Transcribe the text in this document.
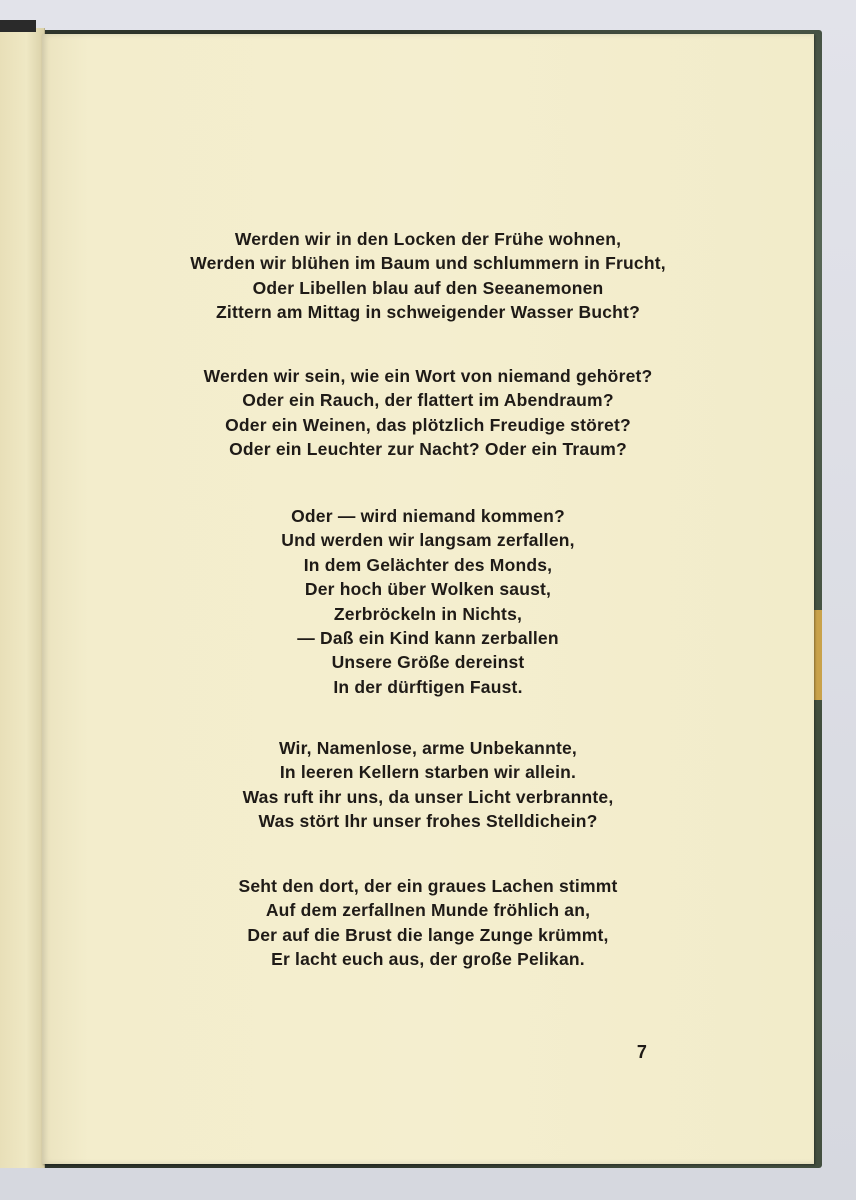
Werden wir in den Locken der Frühe wohnen,
Werden wir blühen im Baum und schlummern in Frucht,
Oder Libellen blau auf den Seeanemonen
Zittern am Mittag in schweigender Wasser Bucht?
Werden wir sein, wie ein Wort von niemand gehöret?
Oder ein Rauch, der flattert im Abendraum?
Oder ein Weinen, das plötzlich Freudige störet?
Oder ein Leuchter zur Nacht? Oder ein Traum?
Oder — wird niemand kommen?
Und werden wir langsam zerfallen,
In dem Gelächter des Monds,
Der hoch über Wolken saust,
Zerbröckeln in Nichts,
— Daß ein Kind kann zerballen
Unsere Größe dereinst
In der dürftigen Faust.
Wir, Namenlose, arme Unbekannte,
In leeren Kellern starben wir allein.
Was ruft ihr uns, da unser Licht verbrannte,
Was stört Ihr unser frohes Stelldichein?
Seht den dort, der ein graues Lachen stimmt
Auf dem zerfallnen Munde fröhlich an,
Der auf die Brust die lange Zunge krümmt,
Er lacht euch aus, der große Pelikan.
7
